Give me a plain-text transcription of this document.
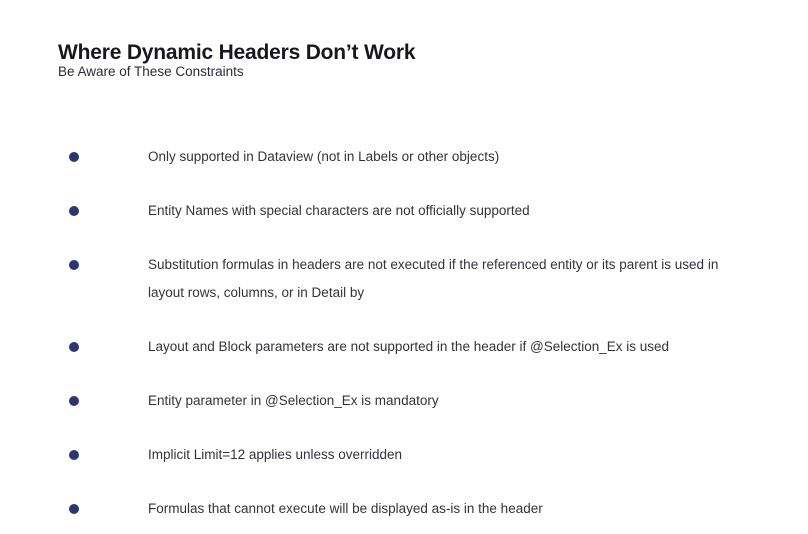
Where Dynamic Headers Don’t Work
Be Aware of These Constraints
Only supported in Dataview (not in Labels or other objects)
Entity Names with special characters are not officially supported
Substitution formulas in headers are not executed if the referenced entity or its parent is used in layout rows, columns, or in Detail by
Layout and Block parameters are not supported in the header if @Selection_Ex is used
Entity parameter in @Selection_Ex is mandatory
Implicit Limit=12 applies unless overridden
Formulas that cannot execute will be displayed as-is in the header
